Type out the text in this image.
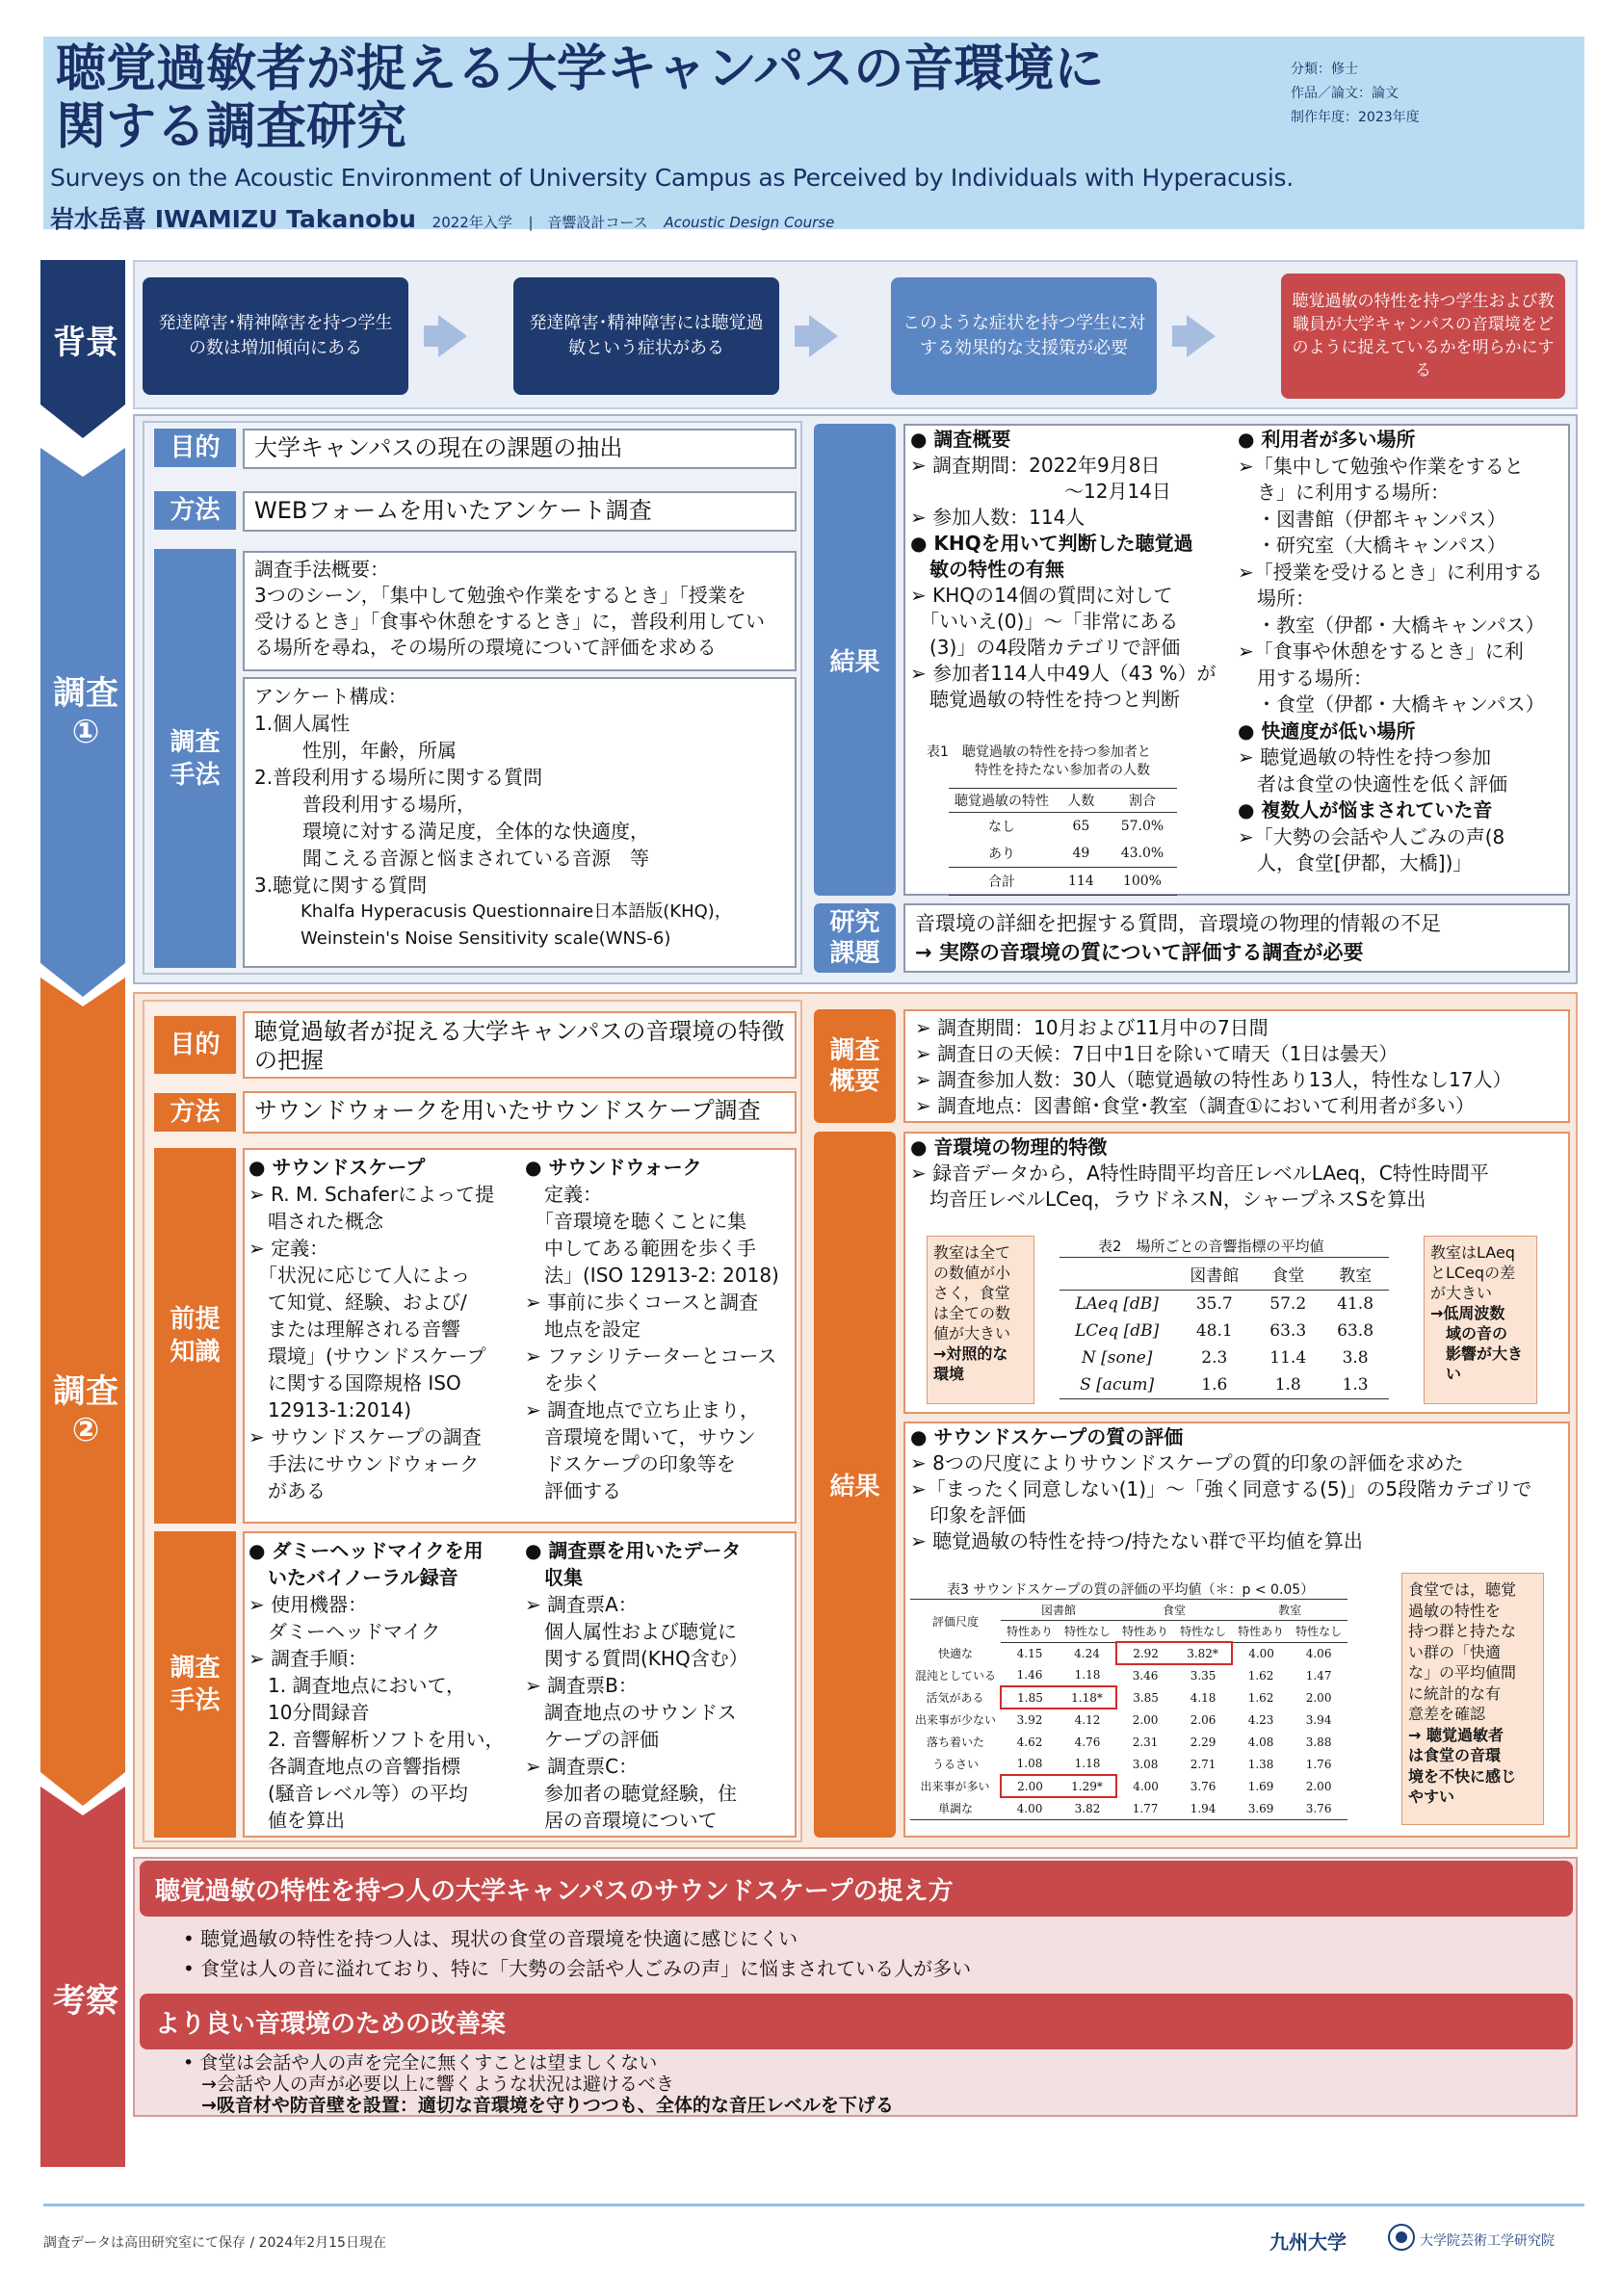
聴覚過敏者が捉える大学キャンパスの音環境に
関する調査研究
Surveys on the Acoustic Environment of University Campus as Perceived by Individuals with Hyperacusis.
岩水岳喜 IWAMIZU Takanobu 2022年入学 | 音響設計コース Acoustic Design Course
分類：修士
作品／論文：論文
制作年度：2023年度
背景
調査
①
調査
②
考察
発達障害･精神障害を持つ学生の数は増加傾向にある
発達障害･精神障害には聴覚過敏という症状がある
このような症状を持つ学生に対する効果的な支援策が必要
聴覚過敏の特性を持つ学生および教職員が大学キャンパスの音環境をどのように捉えているかを明らかにする
目的	大学キャンパスの現在の課題の抽出
方法	WEBフォームを用いたアンケート調査
調査
手法
調査手法概要：
3つのシーン，「集中して勉強や作業をするとき」「授業を
受けるとき」「食事や休憩をするとき」に，普段利用してい
る場所を尋ね，その場所の環境について評価を求める
アンケート構成：
1.個人属性
　性別，年齢，所属
2.普段利用する場所に関する質問
　普段利用する場所，
　環境に対する満足度，全体的な快適度，
　聞こえる音源と悩まされている音源　等
3.聴覚に関する質問
　Khalfa Hyperacusis Questionnaire日本語版(KHQ)，
　Weinstein's Noise Sensitivity scale(WNS-6)
結果
● 調査概要
➢ 調査期間：2022年9月8日
　　　　　　　　〜12月14日
➢ 参加人数：114人
● KHQを用いて判断した聴覚過
　敏の特性の有無
➢ KHQの14個の質問に対して
　「いいえ(0)」〜「非常にある
　(3)」の4段階カテゴリで評価
➢ 参加者114人中49人（43 %）が
　聴覚過敏の特性を持つと判断
表1　聴覚過敏の特性を持つ参加者と
特性を持たない参加者の人数
聴覚過敏の特性	人数	割合
なし	65	57.0%
あり	49	43.0%
合計	114	100%
● 利用者が多い場所
➢「集中して勉強や作業をすると
　き」に利用する場所：
　・図書館（伊都キャンパス）
　・研究室（大橋キャンパス）
➢「授業を受けるとき」に利用する
　場所：
　・教室（伊都・大橋キャンパス）
➢「食事や休憩をするとき」に利
　用する場所：
　・食堂（伊都・大橋キャンパス）
● 快適度が低い場所
➢ 聴覚過敏の特性を持つ参加
　者は食堂の快適性を低く評価
● 複数人が悩まされていた音
➢「大勢の会話や人ごみの声(8
　人，食堂[伊都，大橋])」
研究
課題
音環境の詳細を把握する質問，音環境の物理的情報の不足
→ 実際の音環境の質について評価する調査が必要
目的	聴覚過敏者が捉える大学キャンパスの音環境の特徴の把握
方法	サウンドウォークを用いたサウンドスケープ調査
前提
知識
● サウンドスケープ
➢ R. M. Schaferによって提
　唱された概念
➢ 定義：
　「状況に応じて人によっ
　て知覚、経験、および/
　または理解される音響
　環境」(サウンドスケープ
　に関する国際規格 ISO
　12913-1:2014)
➢ サウンドスケープの調査
　手法にサウンドウォーク
　がある
● サウンドウォーク
　定義：
　「音環境を聴くことに集
　中してある範囲を歩く手
　法」(ISO 12913-2: 2018)
➢ 事前に歩くコースと調査
　地点を設定
➢ ファシリテーターとコース
　を歩く
➢ 調査地点で立ち止まり，
　音環境を聞いて，サウン
　ドスケープの印象等を
　評価する
調査
手法
● ダミーヘッドマイクを用
　いたバイノーラル録音
➢ 使用機器：
　ダミーヘッドマイク
➢ 調査手順：
　1. 調査地点において，
　10分間録音
　2. 音響解析ソフトを用い，
　各調査地点の音響指標
　(騒音レベル等）の平均
　値を算出
● 調査票を用いたデータ
　収集
➢ 調査票A：
　個人属性および聴覚に
　関する質問(KHQ含む）
➢ 調査票B：
　調査地点のサウンドス
　ケープの評価
➢ 調査票C：
　参加者の聴覚経験，住
　居の音環境について
調査
概要
➢ 調査期間：10月および11月中の7日間
➢ 調査日の天候：7日中1日を除いて晴天（1日は曇天）
➢ 調査参加人数：30人（聴覚過敏の特性あり13人，特性なし17人）
➢ 調査地点：図書館･食堂･教室（調査①において利用者が多い）
結果
● 音環境の物理的特徴
➢ 録音データから，A特性時間平均音圧レベルLAeq，C特性時間平
　均音圧レベルLCeq，ラウドネスN，シャープネスSを算出
教室は全て
の数値が小
さく，食堂
は全ての数
値が大きい
→対照的な
環境
表2　場所ごとの音響指標の平均値
	図書館	食堂	教室
LAeq [dB]	35.7	57.2	41.8
LCeq [dB]	48.1	63.3	63.8
N [sone]	2.3	11.4	3.8
S [acum]	1.6	1.8	1.3
教室はLAeq
とLCeqの差
が大きい
→低周波数
　域の音の
　影響が大き
　い
● サウンドスケープの質の評価
➢ 8つの尺度によりサウンドスケープの質的印象の評価を求めた
➢「まったく同意しない(1)」〜「強く同意する(5)」の5段階カテゴリで
　印象を評価
➢ 聴覚過敏の特性を持つ/持たない群で平均値を算出
表3 サウンドスケープの質の評価の平均値（＊：p < 0.05）
評価尺度	図書館		食堂		教室	
	特性あり	特性なし	特性あり	特性なし	特性あり	特性なし
快適な	4.15	4.24	2.92	3.82*	4.00	4.06
混沌としている	1.46	1.18	3.46	3.35	1.62	1.47
活気がある	1.85	1.18*	3.85	4.18	1.62	2.00
出来事が少ない	3.92	4.12	2.00	2.06	4.23	3.94
落ち着いた	4.62	4.76	2.31	2.29	4.08	3.88
うるさい	1.08	1.18	3.08	2.71	1.38	1.76
出来事が多い	2.00	1.29*	4.00	3.76	1.69	2.00
単調な	4.00	3.82	1.77	1.94	3.69	3.76
食堂では，聴覚
過敏の特性を
持つ群と持たな
い群の「快適
な」の平均値間
に統計的な有
意差を確認
→ 聴覚過敏者
は食堂の音環
境を不快に感じ
やすい
聴覚過敏の特性を持つ人の大学キャンパスのサウンドスケープの捉え方
• 聴覚過敏の特性を持つ人は、現状の食堂の音環境を快適に感じにくい
• 食堂は人の音に溢れており、特に「大勢の会話や人ごみの声」に悩まされている人が多い
より良い音環境のための改善案
• 食堂は会話や人の声を完全に無くすことは望ましくない
　→会話や人の声が必要以上に響くような状況は避けるべき
　→吸音材や防音壁を設置：適切な音環境を守りつつも、全体的な音圧レベルを下げる
調査データは高田研究室にて保存 / 2024年2月15日現在	九州大学	大学院芸術工学研究院
